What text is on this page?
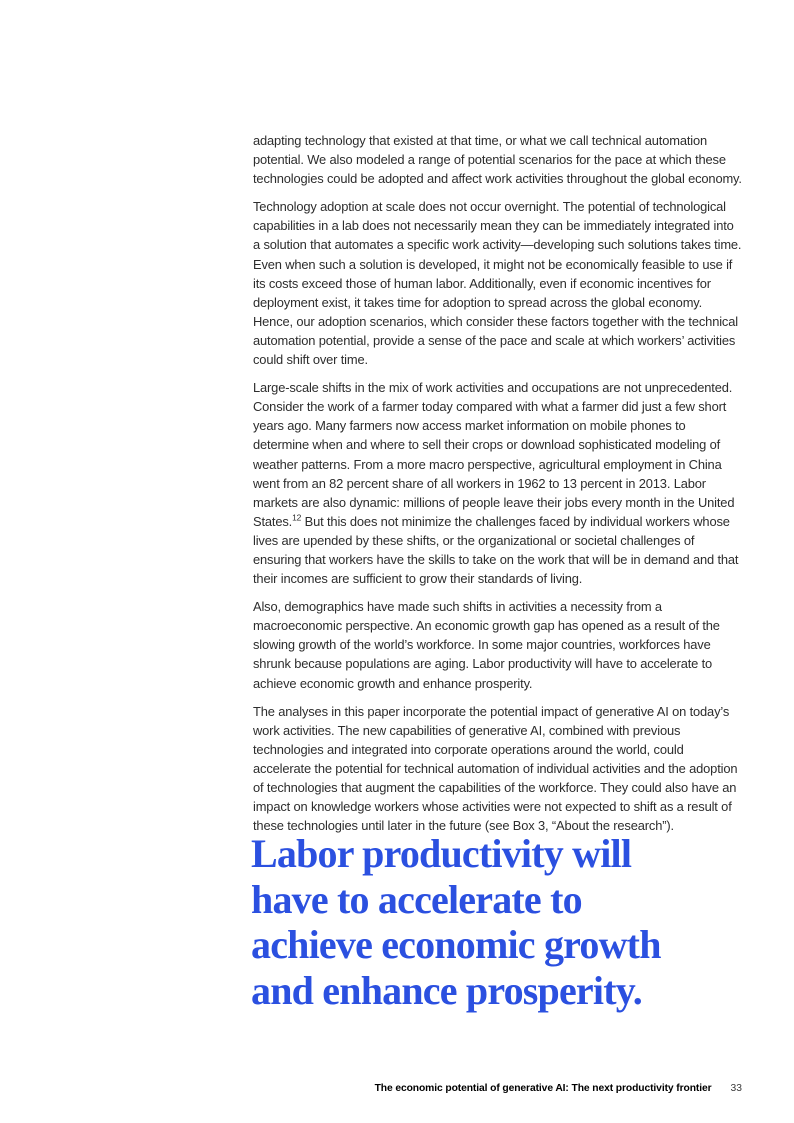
adapting technology that existed at that time, or what we call technical automation potential. We also modeled a range of potential scenarios for the pace at which these technologies could be adopted and affect work activities throughout the global economy.

Technology adoption at scale does not occur overnight. The potential of technological capabilities in a lab does not necessarily mean they can be immediately integrated into a solution that automates a specific work activity—developing such solutions takes time. Even when such a solution is developed, it might not be economically feasible to use if its costs exceed those of human labor. Additionally, even if economic incentives for deployment exist, it takes time for adoption to spread across the global economy. Hence, our adoption scenarios, which consider these factors together with the technical automation potential, provide a sense of the pace and scale at which workers’ activities could shift over time.

Large-scale shifts in the mix of work activities and occupations are not unprecedented. Consider the work of a farmer today compared with what a farmer did just a few short years ago. Many farmers now access market information on mobile phones to determine when and where to sell their crops or download sophisticated modeling of weather patterns. From a more macro perspective, agricultural employment in China went from an 82 percent share of all workers in 1962 to 13 percent in 2013. Labor markets are also dynamic: millions of people leave their jobs every month in the United States.$^{12}$ But this does not minimize the challenges faced by individual workers whose lives are upended by these shifts, or the organizational or societal challenges of ensuring that workers have the skills to take on the work that will be in demand and that their incomes are sufficient to grow their standards of living.

Also, demographics have made such shifts in activities a necessity from a macroeconomic perspective. An economic growth gap has opened as a result of the slowing growth of the world’s workforce. In some major countries, workforces have shrunk because populations are aging. Labor productivity will have to accelerate to achieve economic growth and enhance prosperity.

The analyses in this paper incorporate the potential impact of generative AI on today’s work activities. The new capabilities of generative AI, combined with previous technologies and integrated into corporate operations around the world, could accelerate the potential for technical automation of individual activities and the adoption of technologies that augment the capabilities of the workforce. They could also have an impact on knowledge workers whose activities were not expected to shift as a result of these technologies until later in the future (see Box 3, “About the research”).

Labor productivity will
have to accelerate to
achieve economic growth
and enhance prosperity.
The economic potential of generative AI: The next productivity frontier 33
